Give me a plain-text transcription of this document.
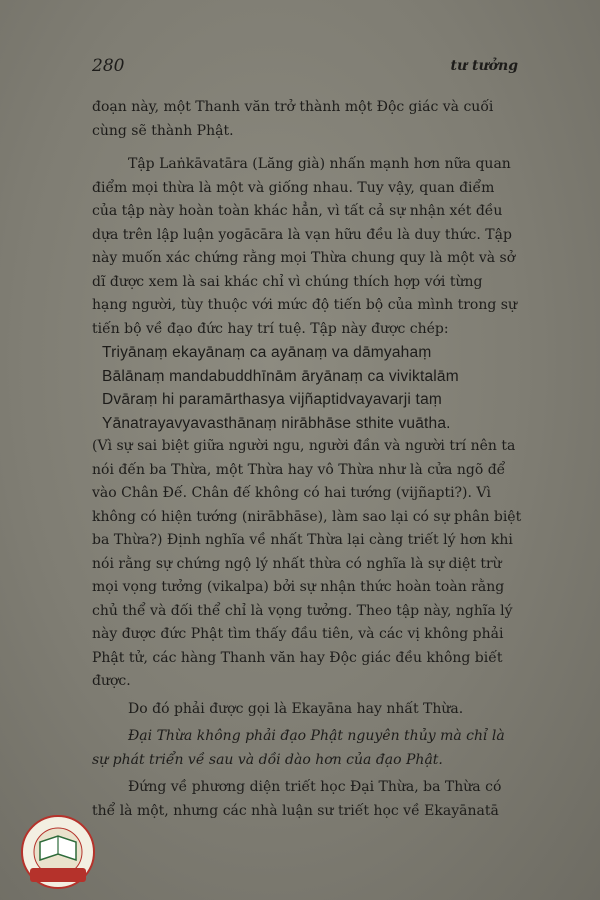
280	tư tưởng

đoạn này, một Thanh văn trở thành một Độc giác và cuối cùng sẽ thành Phật.

Tập Laṅkāvatāra (Lăng già) nhấn mạnh hơn nữa quan điểm mọi thừa là một và giống nhau. Tuy vậy, quan điểm của tập này hoàn toàn khác hẳn, vì tất cả sự nhận xét đều dựa trên lập luận yogācāra là vạn hữu đều là duy thức. Tập này muốn xác chứng rằng mọi Thừa chung quy là một và sở dĩ được xem là sai khác chỉ vì chúng thích hợp với từng hạng người, tùy thuộc với mức độ tiến bộ của mình trong sự tiến bộ về đạo đức hay trí tuệ. Tập này được chép:

Triyānaṃ ekayānaṃ ca ayānaṃ va dāmyahaṃ

Bālānaṃ mandabuddhīnām āryānaṃ ca viviktalām

Dvāraṃ hi paramārthasya vijñaptidvayavarji taṃ

Yānatrayavyavasthānaṃ nirābhāse sthite vuātha.

(Vì sự sai biệt giữa người ngu, người đần và người trí nên ta nói đến ba Thừa, một Thừa hay vô Thừa như là cửa ngõ để vào Chân Đế. Chân đế không có hai tướng (vijñapti?). Vì không có hiện tướng (nirābhāse), làm sao lại có sự phân biệt ba Thừa?) Định nghĩa về nhất Thừa lại càng triết lý hơn khi nói rằng sự chứng ngộ lý nhất thừa có nghĩa là sự diệt trừ mọi vọng tưởng (vikalpa) bởi sự nhận thức hoàn toàn rằng chủ thể và đối thể chỉ là vọng tưởng. Theo tập này, nghĩa lý này được đức Phật tìm thấy đầu tiên, và các vị không phải Phật tử, các hàng Thanh văn hay Độc giác đều không biết được.

Do đó phải được gọi là Ekayāna hay nhất Thừa.

Đại Thừa không phải đạo Phật nguyên thủy mà chỉ là sự phát triển về sau và dồi dào hơn của đạo Phật.

Đứng về phương diện triết học Đại Thừa, ba Thừa có thể là một, nhưng các nhà luận sư triết học về Ekayānatā
